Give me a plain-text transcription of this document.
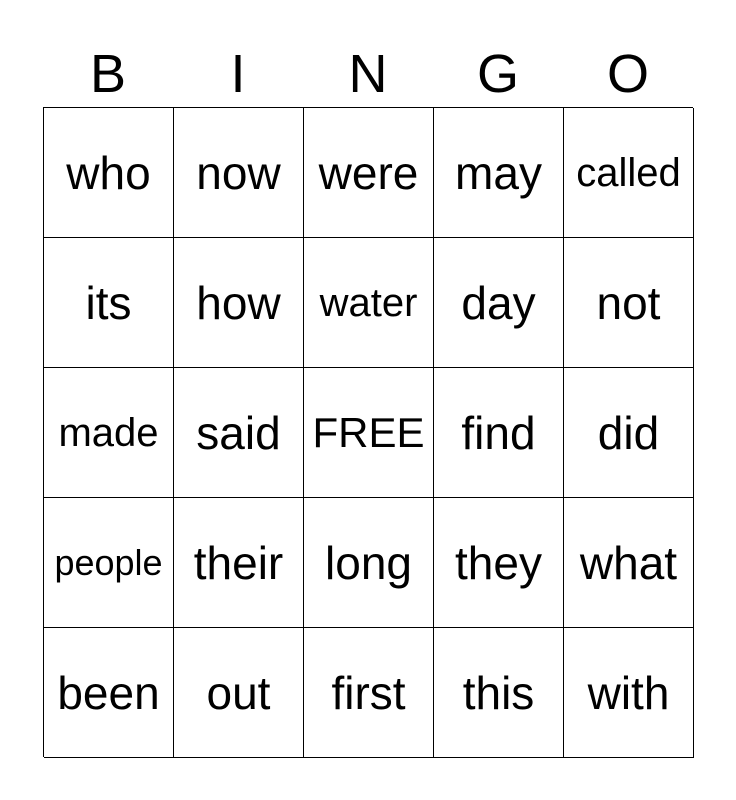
B	I	N	G	O
who now were may called
its	how water day	not
made said FREE find	did
people their long they what
been	out	first	this	with
